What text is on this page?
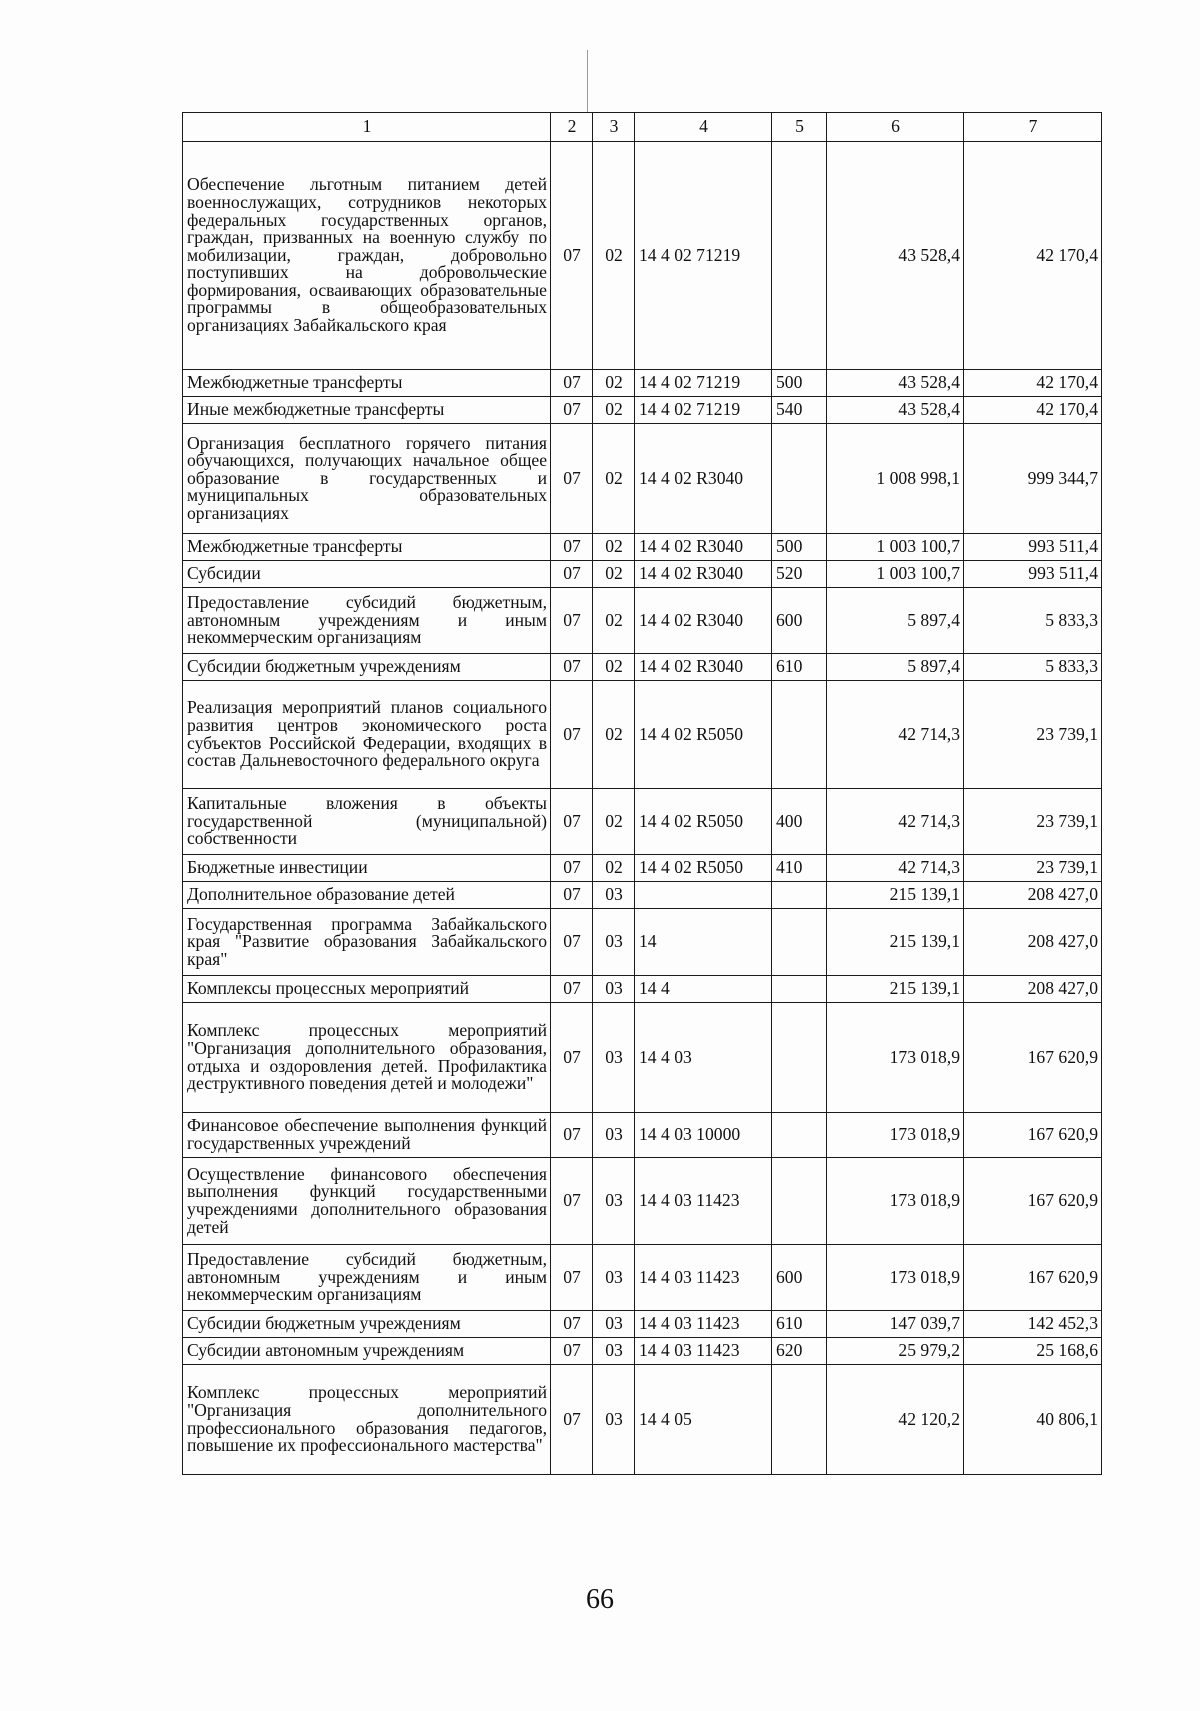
1	2	3	4	5	6	7
Обеспечение льготным питанием детей военнослужащих, сотрудников некоторых федеральных государственных органов, граждан, призванных на военную службу по мобилизации, граждан, добровольно поступивших на добровольческие формирования, осваивающих образовательные программы в общеобразовательных организациях Забайкальского края	07	02	14 4 02 71219		43 528,4	42 170,4
Межбюджетные трансферты	07	02	14 4 02 71219	500	43 528,4	42 170,4
Иные межбюджетные трансферты	07	02	14 4 02 71219	540	43 528,4	42 170,4
Организация бесплатного горячего питания обучающихся, получающих начальное общее образование в государственных и муниципальных образовательных организациях	07	02	14 4 02 R3040		1 008 998,1	999 344,7
Межбюджетные трансферты	07	02	14 4 02 R3040	500	1 003 100,7	993 511,4
Субсидии	07	02	14 4 02 R3040	520	1 003 100,7	993 511,4
Предоставление субсидий бюджетным, автономным учреждениям и иным некоммерческим организациям	07	02	14 4 02 R3040	600	5 897,4	5 833,3
Субсидии бюджетным учреждениям	07	02	14 4 02 R3040	610	5 897,4	5 833,3
Реализация мероприятий планов социального развития центров экономического роста субъектов Российской Федерации, входящих в состав Дальневосточного федерального округа	07	02	14 4 02 R5050		42 714,3	23 739,1
Капитальные вложения в объекты государственной (муниципальной) собственности	07	02	14 4 02 R5050	400	42 714,3	23 739,1
Бюджетные инвестиции	07	02	14 4 02 R5050	410	42 714,3	23 739,1
Дополнительное образование детей	07	03			215 139,1	208 427,0
Государственная программа Забайкальского края "Развитие образования Забайкальского края"	07	03	14		215 139,1	208 427,0
Комплексы процессных мероприятий	07	03	14 4		215 139,1	208 427,0
Комплекс процессных мероприятий "Организация дополнительного образования, отдыха и оздоровления детей. Профилактика деструктивного поведения детей и молодежи"	07	03	14 4 03		173 018,9	167 620,9
Финансовое обеспечение выполнения функций государственных учреждений	07	03	14 4 03 10000		173 018,9	167 620,9
Осуществление финансового обеспечения выполнения функций государственными учреждениями дополнительного образования детей	07	03	14 4 03 11423		173 018,9	167 620,9
Предоставление субсидий бюджетным, автономным учреждениям и иным некоммерческим организациям	07	03	14 4 03 11423	600	173 018,9	167 620,9
Субсидии бюджетным учреждениям	07	03	14 4 03 11423	610	147 039,7	142 452,3
Субсидии автономным учреждениям	07	03	14 4 03 11423	620	25 979,2	25 168,6
Комплекс процессных мероприятий "Организация дополнительного профессионального образования педагогов, повышение их профессионального мастерства"	07	03	14 4 05		42 120,2	40 806,1
66
